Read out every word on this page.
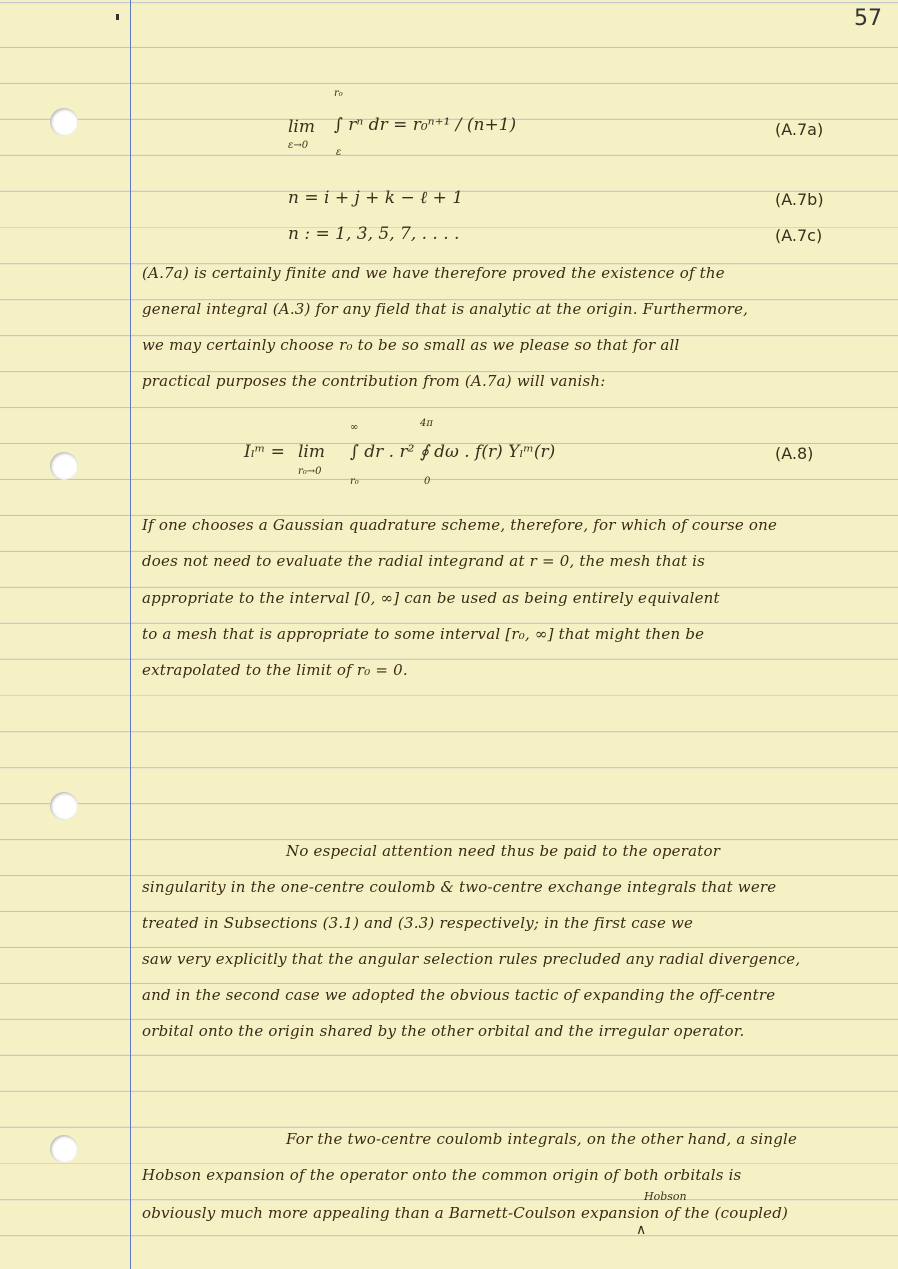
57
r₀
lim
ε→0
∫ rⁿ dr = r₀ⁿ⁺¹ / (n+1)
ε
(A.7a)
n = i + j + k − ℓ + 1	(A.7b)
n : = 1, 3, 5, 7, . . . .	(A.7c)
(A.7a) is certainly finite and we have therefore proved the existence of the
general integral (A.3) for any field that is analytic at the origin. Furthermore,
we may certainly choose r₀ to be so small as we please so that for all
practical purposes the contribution from (A.7a) will vanish:
∞	4π
Iₗᵐ = lim
r₀→0
∫ dr . r² ∮ dω . f(r) Υₗᵐ(r)
r₀	0
(A.8)
If one chooses a Gaussian quadrature scheme, therefore, for which of course one
does not need to evaluate the radial integrand at r = 0, the mesh that is
appropriate to the interval [0, ∞] can be used as being entirely equivalent
to a mesh that is appropriate to some interval [r₀, ∞] that might then be
extrapolated to the limit of r₀ = 0.
No especial attention need thus be paid to the operator
singularity in the one-centre coulomb & two-centre exchange integrals that were
treated in Subsections (3.1) and (3.3) respectively; in the first case we
saw very explicitly that the angular selection rules precluded any radial divergence,
and in the second case we adopted the obvious tactic of expanding the off-centre
orbital onto the origin shared by the other orbital and the irregular operator.
For the two-centre coulomb integrals, on the other hand, a single
Hobson expansion of the operator onto the common origin of both orbitals is
Hobson
obviously much more appealing than a Barnett-Coulson expansion of the (coupled)
∧
